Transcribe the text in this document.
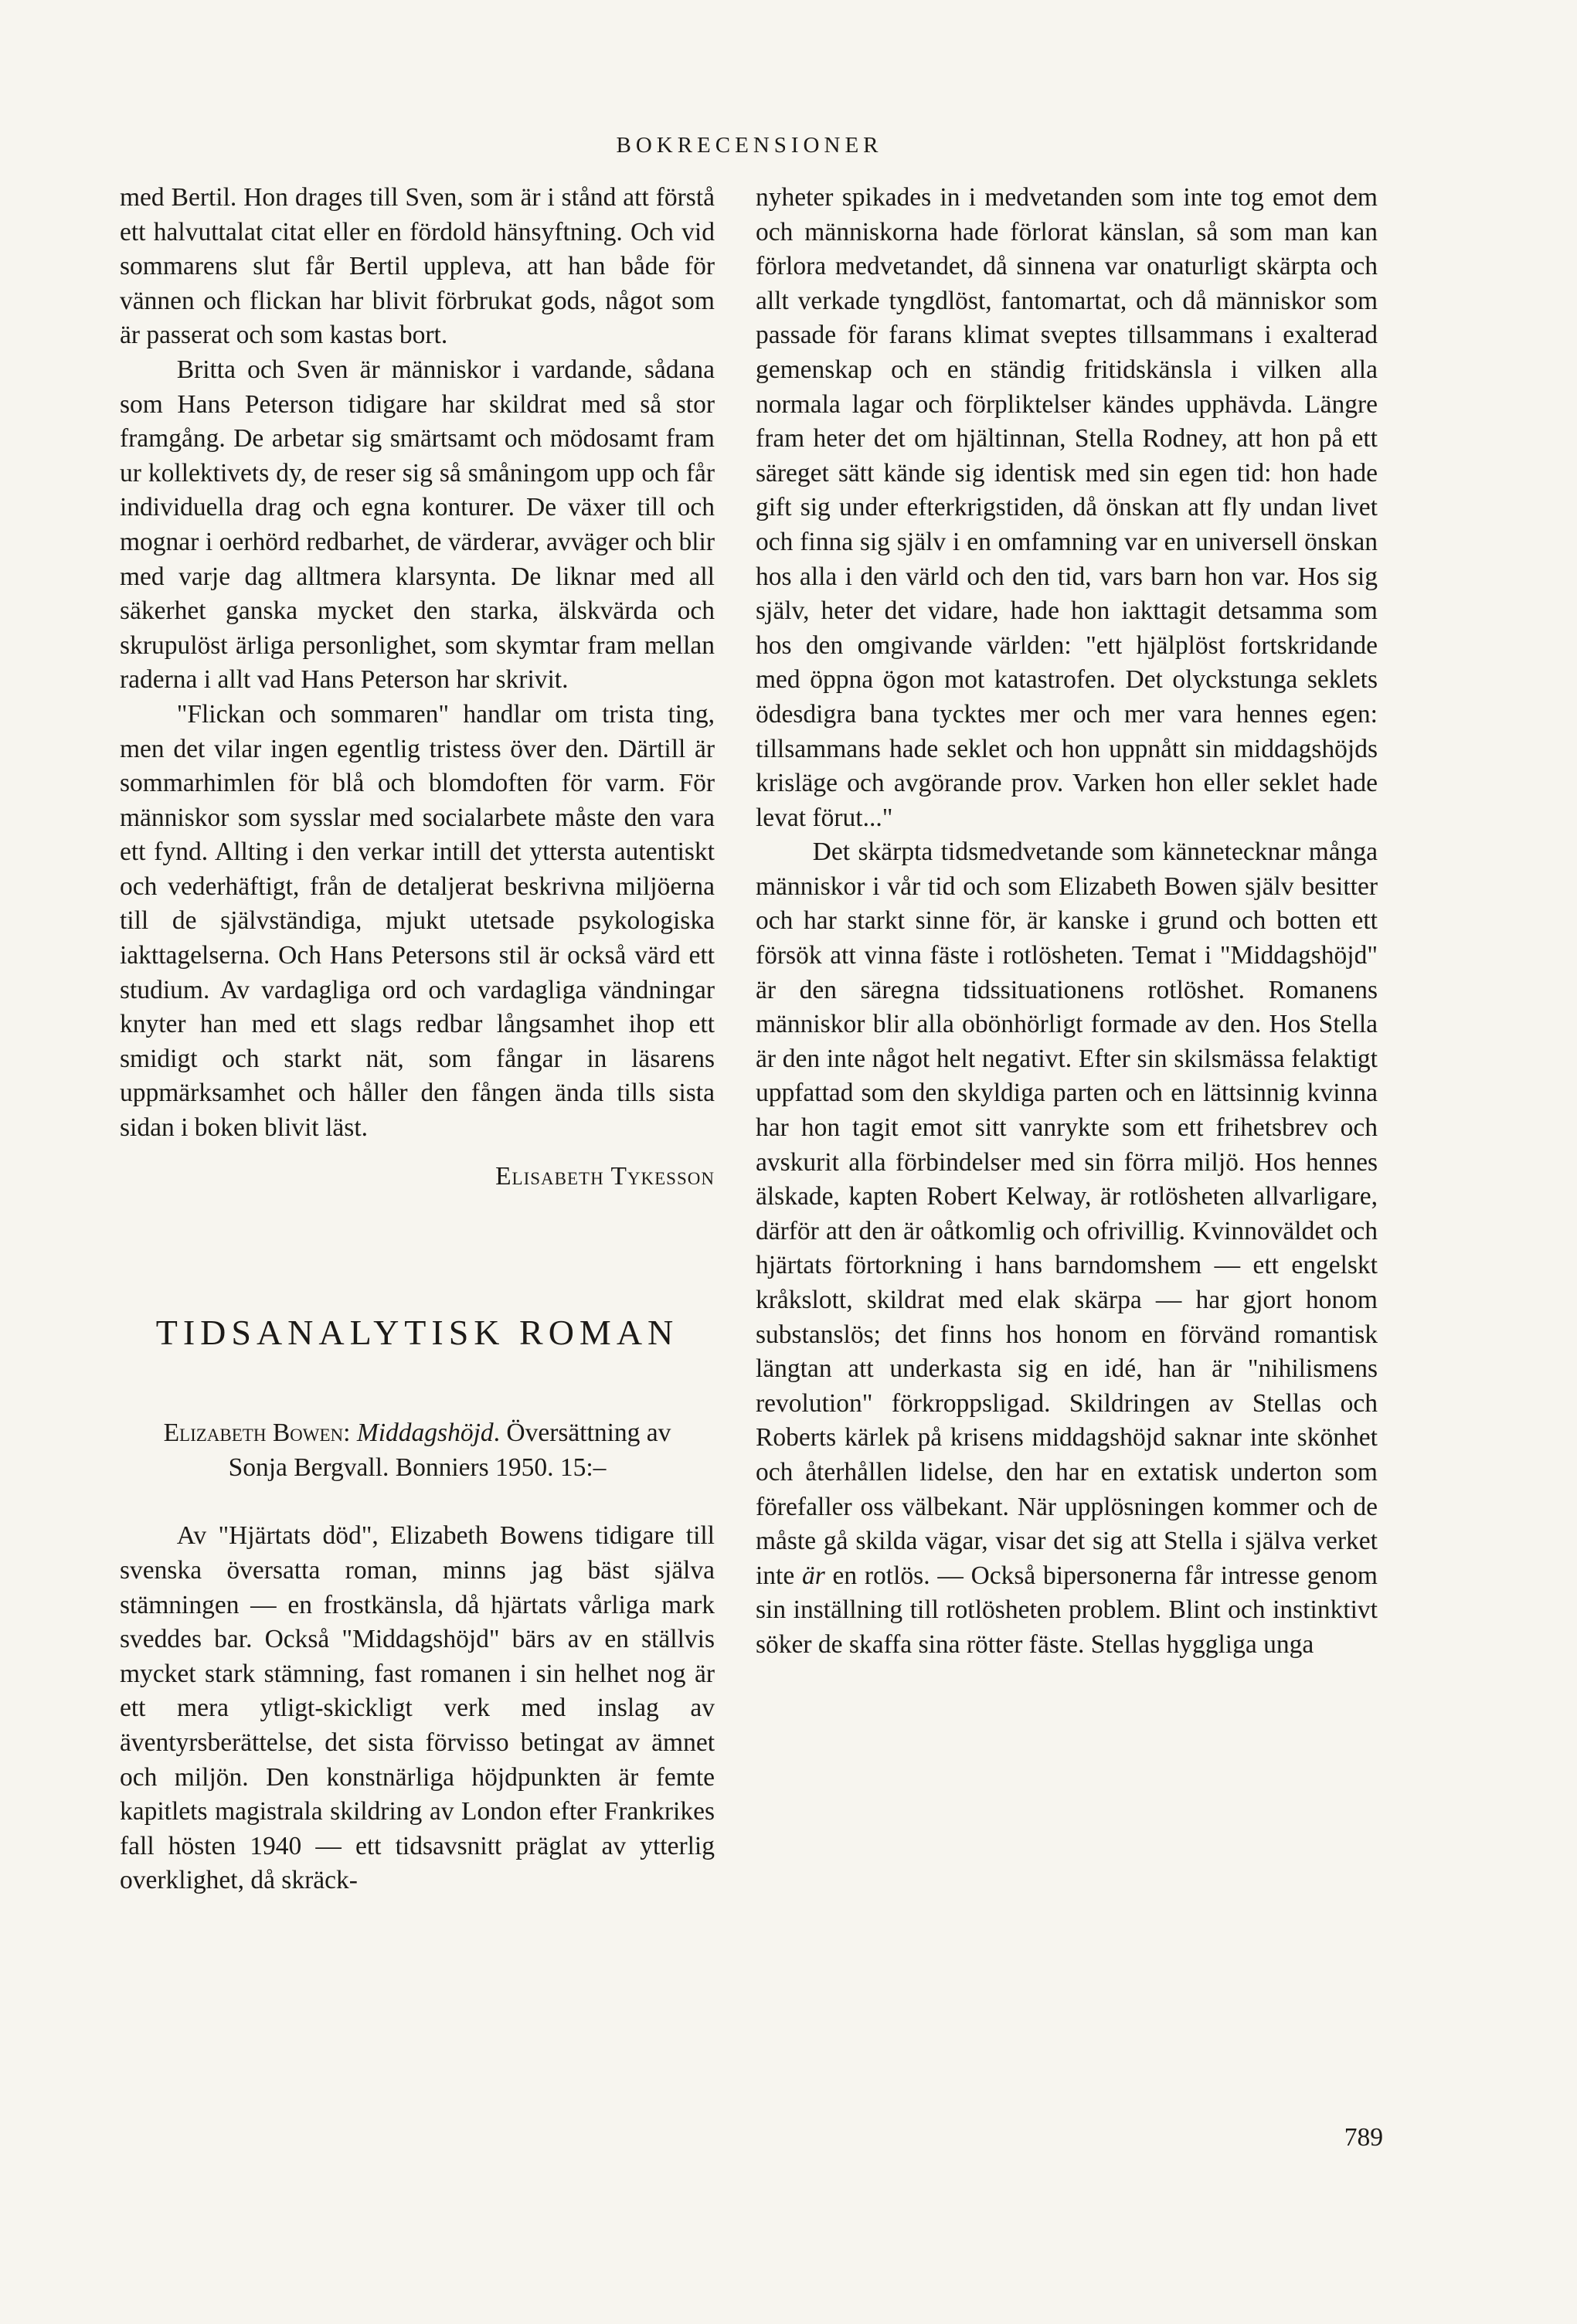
BOKRECENSIONER

med Bertil. Hon drages till Sven, som är i stånd att förstå ett halvuttalat citat eller en fördold hänsyftning. Och vid sommarens slut får Bertil uppleva, att han både för vännen och flickan har blivit förbrukat gods, något som är passerat och som kastas bort.

Britta och Sven är människor i vardande, sådana som Hans Peterson tidigare har skildrat med så stor framgång. De arbetar sig smärtsamt och mödosamt fram ur kollektivets dy, de reser sig så småningom upp och får individuella drag och egna konturer. De växer till och mognar i oerhörd redbarhet, de värderar, avväger och blir med varje dag alltmera klarsynta. De liknar med all säkerhet ganska mycket den starka, älskvärda och skrupulöst ärliga personlighet, som skymtar fram mellan raderna i allt vad Hans Peterson har skrivit.

"Flickan och sommaren" handlar om trista ting, men det vilar ingen egentlig tristess över den. Därtill är sommarhimlen för blå och blomdoften för varm. För människor som sysslar med socialarbete måste den vara ett fynd. Allting i den verkar intill det yttersta autentiskt och vederhäftigt, från de detaljerat beskrivna miljöerna till de självständiga, mjukt utetsade psykologiska iakttagelserna. Och Hans Petersons stil är också värd ett studium. Av vardagliga ord och vardagliga vändningar knyter han med ett slags redbar långsamhet ihop ett smidigt och starkt nät, som fångar in läsarens uppmärksamhet och håller den fången ända tills sista sidan i boken blivit läst.

Elisabeth Tykesson
TIDSANALYTISK ROMAN
Elizabeth Bowen: Middagshöjd. Översättning av Sonja Bergvall. Bonniers 1950. 15:–

Av "Hjärtats död", Elizabeth Bowens tidigare till svenska översatta roman, minns jag bäst själva stämningen — en frostkänsla, då hjärtats vårliga mark sveddes bar. Också "Middagshöjd" bärs av en ställvis mycket stark stämning, fast romanen i sin helhet nog är ett mera ytligt-skickligt verk med inslag av äventyrsberättelse, det sista förvisso betingat av ämnet och miljön. Den konstnärliga höjdpunkten är femte kapitlets magistrala skildring av London efter Frankrikes fall hösten 1940 — ett tidsavsnitt präglat av ytterlig overklighet, då skräck-

nyheter spikades in i medvetanden som inte tog emot dem och människorna hade förlorat känslan, så som man kan förlora medvetandet, då sinnena var onaturligt skärpta och allt verkade tyngdlöst, fantomartat, och då människor som passade för farans klimat sveptes tillsammans i exalterad gemenskap och en ständig fritidskänsla i vilken alla normala lagar och förpliktelser kändes upphävda. Längre fram heter det om hjältinnan, Stella Rodney, att hon på ett säreget sätt kände sig identisk med sin egen tid: hon hade gift sig under efterkrigstiden, då önskan att fly undan livet och finna sig själv i en omfamning var en universell önskan hos alla i den värld och den tid, vars barn hon var. Hos sig själv, heter det vidare, hade hon iakttagit detsamma som hos den omgivande världen: "ett hjälplöst fortskridande med öppna ögon mot katastrofen. Det olyckstunga seklets ödesdigra bana tycktes mer och mer vara hennes egen: tillsammans hade seklet och hon uppnått sin middagshöjds krisläge och avgörande prov. Varken hon eller seklet hade levat förut..."

Det skärpta tidsmedvetande som kännetecknar många människor i vår tid och som Elizabeth Bowen själv besitter och har starkt sinne för, är kanske i grund och botten ett försök att vinna fäste i rotlösheten. Temat i "Middagshöjd" är den säregna tidssituationens rotlöshet. Romanens människor blir alla obönhörligt formade av den. Hos Stella är den inte något helt negativt. Efter sin skilsmässa felaktigt uppfattad som den skyldiga parten och en lättsinnig kvinna har hon tagit emot sitt vanrykte som ett frihetsbrev och avskurit alla förbindelser med sin förra miljö. Hos hennes älskade, kapten Robert Kelway, är rotlösheten allvarligare, därför att den är oåtkomlig och ofrivillig. Kvinnoväldet och hjärtats förtorkning i hans barndomshem — ett engelskt kråkslott, skildrat med elak skärpa — har gjort honom substanslös; det finns hos honom en förvänd romantisk längtan att underkasta sig en idé, han är "nihilismens revolution" förkroppsligad. Skildringen av Stellas och Roberts kärlek på krisens middagshöjd saknar inte skönhet och återhållen lidelse, den har en extatisk underton som förefaller oss välbekant. När upplösningen kommer och de måste gå skilda vägar, visar det sig att Stella i själva verket inte är en rotlös. — Också bipersonerna får intresse genom sin inställning till rotlösheten problem. Blint och instinktivt söker de skaffa sina rötter fäste. Stellas hyggliga unga

789
